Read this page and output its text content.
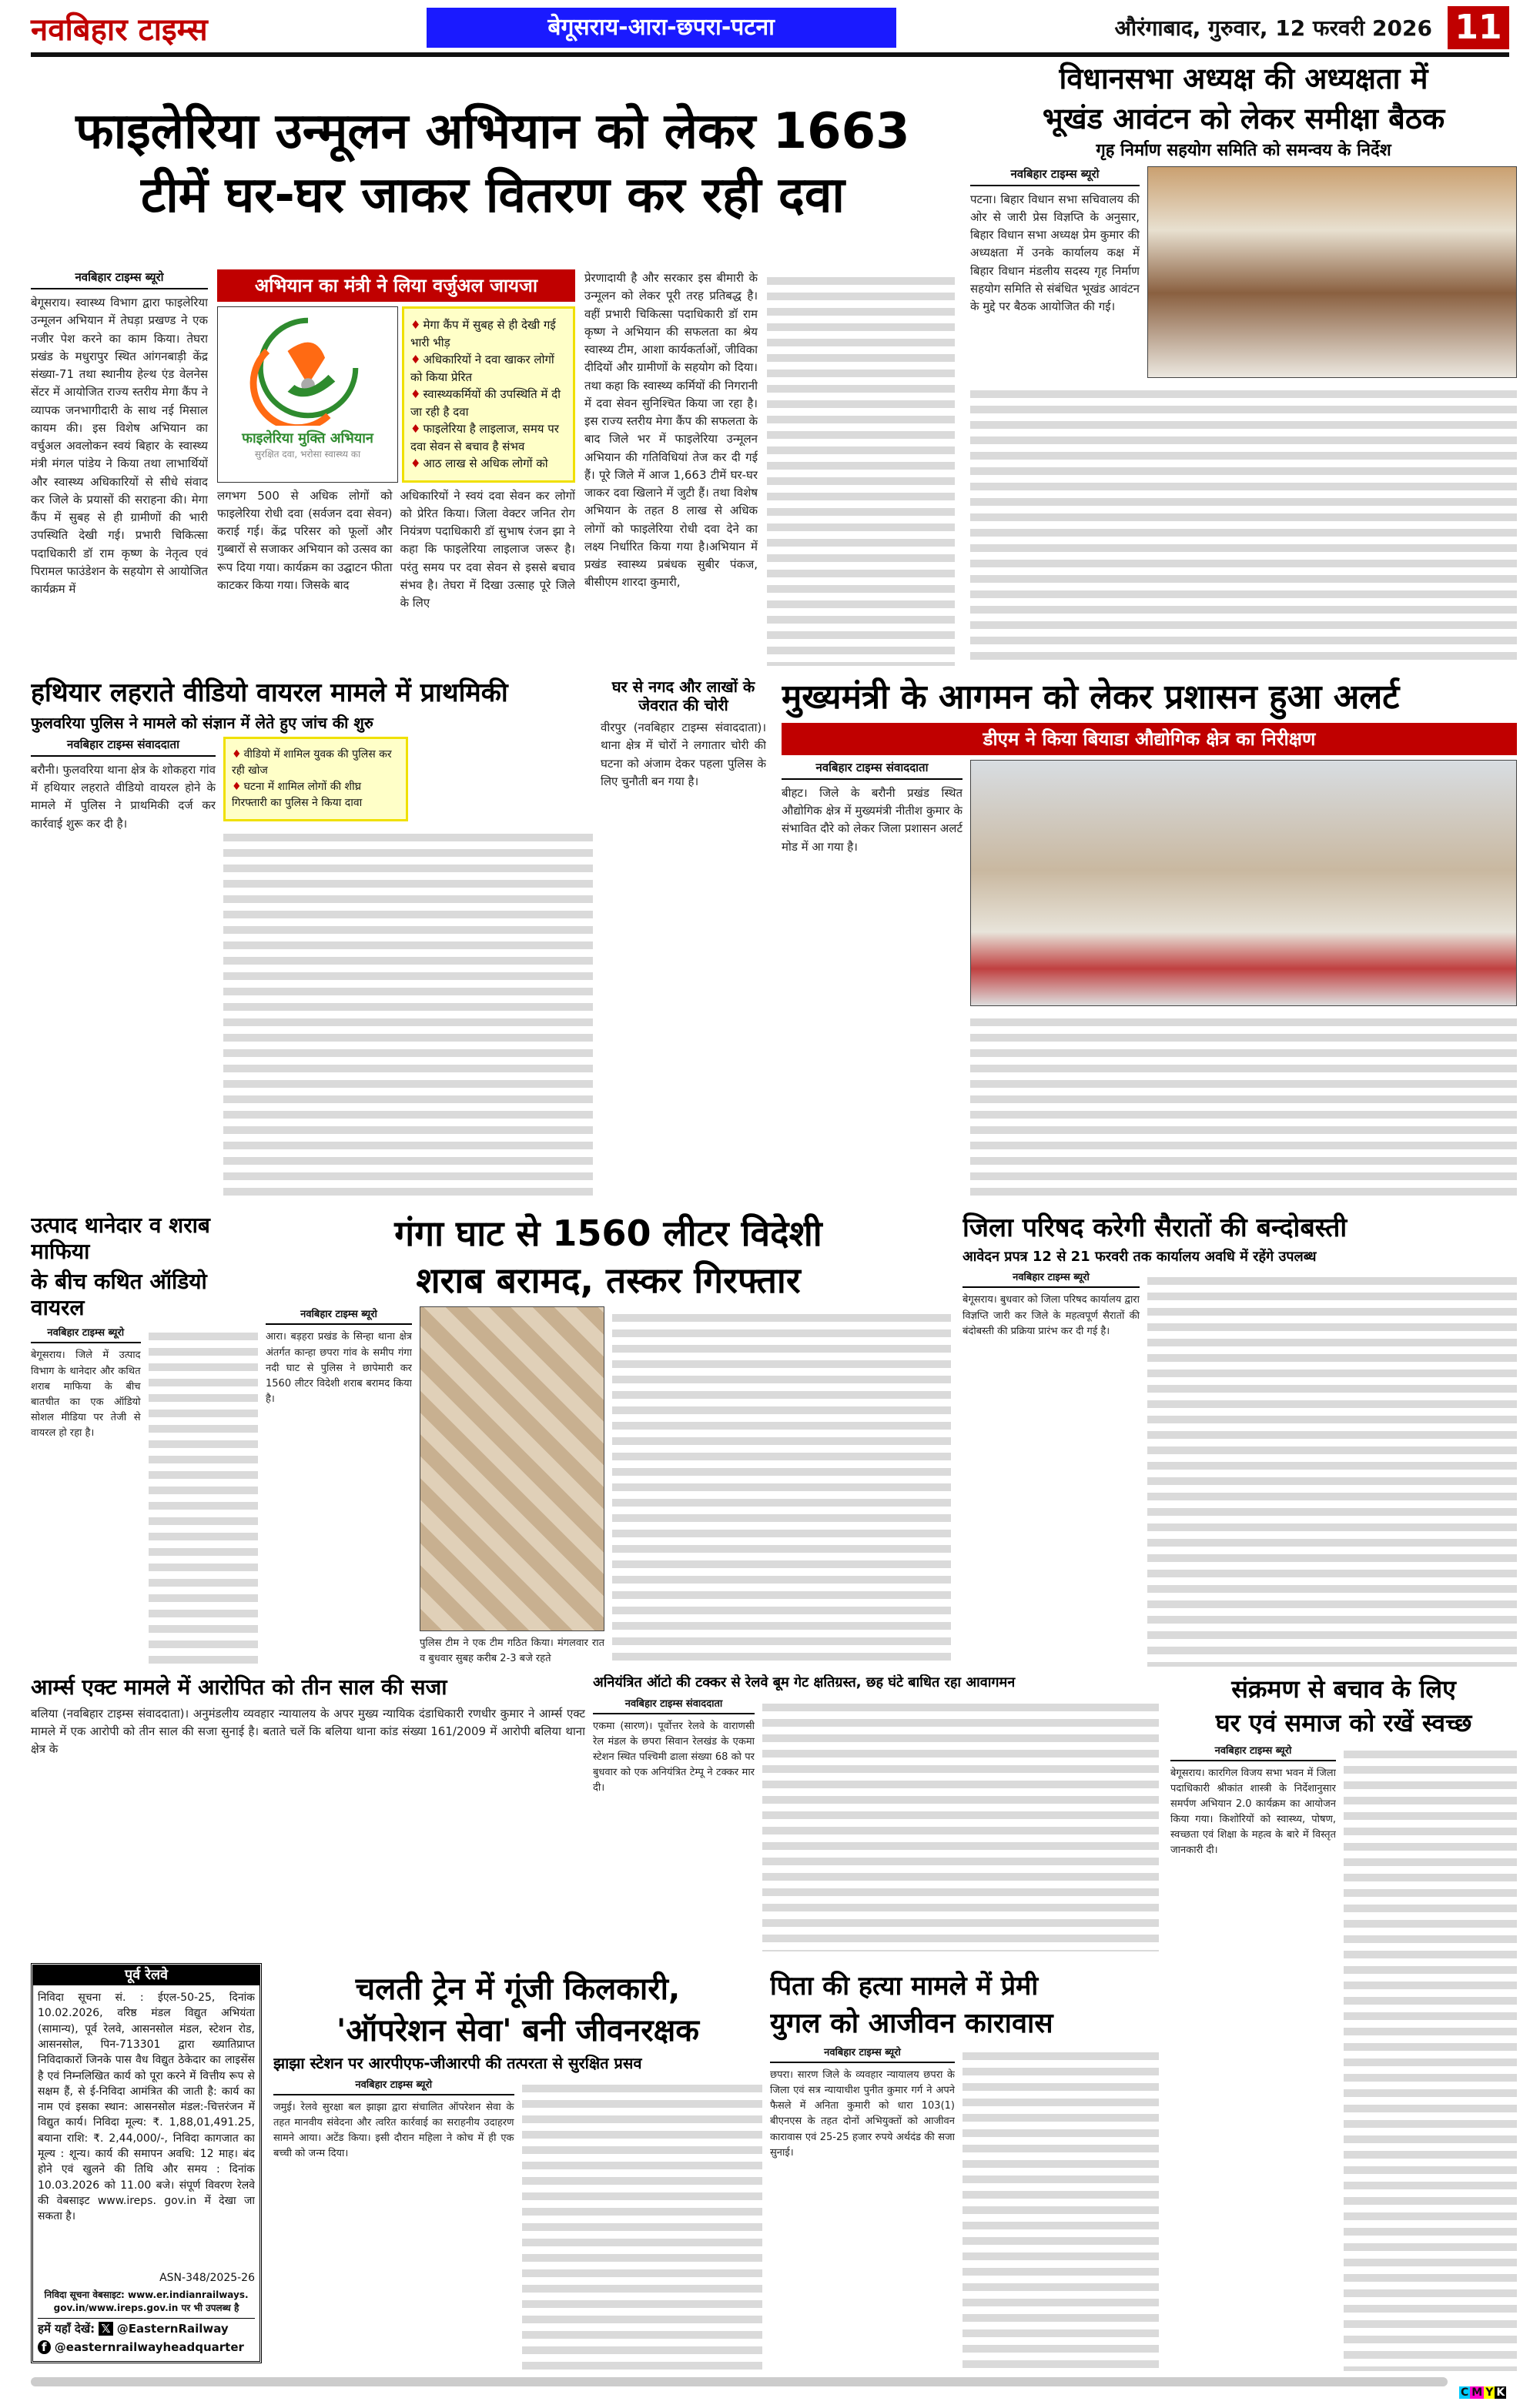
नवबिहार टाइम्स	बेगूसराय-आरा-छपरा-पटना	औरंगाबाद, गुरुवार, 12 फरवरी 2026 11
फाइलेरिया उन्मूलन अभियान को लेकर 1663
टीमें घर-घर जाकर वितरण कर रही दवा
नवबिहार टाइम्स ब्यूरो
बेगूसराय। स्वास्थ्य विभाग द्वारा फाइलेरिया उन्मूलन अभियान में तेघड़ा प्रखण्ड ने एक नजीर पेश करने का काम किया। तेघरा प्रखंड के मधुरापुर स्थित आंगनबाड़ी केंद्र संख्या-71 तथा स्थानीय हेल्थ एंड वेलनेस सेंटर में आयोजित राज्य स्तरीय मेगा कैंप ने व्यापक जनभागीदारी के साथ नई मिसाल कायम की। इस विशेष अभियान का वर्चुअल अवलोकन स्वयं बिहार के स्वास्थ्य मंत्री मंगल पांडेय ने किया तथा लाभार्थियों और स्वास्थ्य अधिकारियों से सीधे संवाद कर जिले के प्रयासों की सराहना की। मेगा कैंप में सुबह से ही ग्रामीणों की भारी उपस्थिति देखी गई। प्रभारी चिकित्सा पदाधिकारी डॉ राम कृष्ण के नेतृत्व एवं पिरामल फाउंडेशन के सहयोग से आयोजित कार्यक्रम में
अभियान का मंत्री ने लिया वर्जुअल जायजा
फाइलेरिया मुक्ति अभियान
सुरक्षित दवा, भरोसा स्वास्थ्य का
♦ मेगा कैंप में सुबह से ही देखी गई भारी भीड़
♦ अधिकारियों ने दवा खाकर लोगों को किया प्रेरित
♦ स्वास्थ्यकर्मियों की उपस्थिति में दी जा रही है दवा
♦ फाइलेरिया है लाइलाज, समय पर दवा सेवन से बचाव है संभव
♦ आठ लाख से अधिक लोगों को
लगभग 500 से अधिक लोगों को फाइलेरिया रोधी दवा (सर्वजन दवा सेवन) कराई गई। केंद्र परिसर को फूलों और गुब्बारों से सजाकर अभियान को उत्सव का रूप दिया गया। कार्यक्रम का उद्घाटन फीता काटकर किया गया। जिसके बाद
अधिकारियों ने स्वयं दवा सेवन कर लोगों को प्रेरित किया। जिला वेक्टर जनित रोग नियंत्रण पदाधिकारी डॉ सुभाष रंजन झा ने कहा कि फाइलेरिया लाइलाज जरूर है। परंतु समय पर दवा सेवन से इससे बचाव संभव है। तेघरा में दिखा उत्साह पूरे जिले के लिए
प्रेरणादायी है और सरकार इस बीमारी के उन्मूलन को लेकर पूरी तरह प्रतिबद्ध है। वहीं प्रभारी चिकित्सा पदाधिकारी डॉ राम कृष्ण ने अभियान की सफलता का श्रेय स्वास्थ्य टीम, आशा कार्यकर्ताओं, जीविका दीदियों और ग्रामीणों के सहयोग को दिया। तथा कहा कि स्वास्थ्य कर्मियों की निगरानी में दवा सेवन सुनिश्चित किया जा रहा है। इस राज्य स्तरीय मेगा कैंप की सफलता के बाद जिले भर में फाइलेरिया उन्मूलन अभियान की गतिविधियां तेज कर दी गई हैं। पूरे जिले में आज 1,663 टीमें घर-घर जाकर दवा खिलाने में जुटी हैं। तथा विशेष अभियान के तहत 8 लाख से अधिक लोगों को फाइलेरिया रोधी दवा देने का लक्ष्य निर्धारित किया गया है।अभियान में प्रखंड स्वास्थ्य प्रबंधक सुबीर पंकज, बीसीएम शारदा कुमारी,
विधानसभा अध्यक्ष की अध्यक्षता में
भूखंड आवंटन को लेकर समीक्षा बैठक
गृह निर्माण सहयोग समिति को समन्वय के निर्देश
नवबिहार टाइम्स ब्यूरो
पटना। बिहार विधान सभा सचिवालय की ओर से जारी प्रेस विज्ञप्ति के अनुसार, बिहार विधान सभा अध्यक्ष प्रेम कुमार की अध्यक्षता में उनके कार्यालय कक्ष में बिहार विधान मंडलीय सदस्य गृह निर्माण सहयोग समिति से संबंधित भूखंड आवंटन के मुद्दे पर बैठक आयोजित की गई।
हथियार लहराते वीडियो वायरल मामले में प्राथमिकी
फुलवरिया पुलिस ने मामले को संज्ञान में लेते हुए जांच की शुरु
नवबिहार टाइम्स संवाददाता
बरौनी। फुलवरिया थाना क्षेत्र के शोकहरा गांव में हथियार लहराते वीडियो वायरल होने के मामले में पुलिस ने प्राथमिकी दर्ज कर कार्रवाई शुरू कर दी है।
♦ वीडियो में शामिल युवक की पुलिस कर रही खोज
♦ घटना में शामिल लोगों की शीघ्र गिरफ्तारी का पुलिस ने किया दावा
घर से नगद और लाखों के जेवरात की चोरी
वीरपुर (नवबिहार टाइम्स संवाददाता)। थाना क्षेत्र में चोरों ने लगातार चोरी की घटना को अंजाम देकर पहला पुलिस के लिए चुनौती बन गया है।
मुख्यमंत्री के आगमन को लेकर प्रशासन हुआ अलर्ट
डीएम ने किया बियाडा औद्योगिक क्षेत्र का निरीक्षण
नवबिहार टाइम्स संवाददाता
बीहट। जिले के बरौनी प्रखंड स्थित औद्योगिक क्षेत्र में मुख्यमंत्री नीतीश कुमार के संभावित दौरे को लेकर जिला प्रशासन अलर्ट मोड में आ गया है।
उत्पाद थानेदार व शराब माफिया
के बीच कथित ऑडियो वायरल
नवबिहार टाइम्स ब्यूरो
बेगूसराय। जिले में उत्पाद विभाग के थानेदार और कथित शराब माफिया के बीच बातचीत का एक ऑडियो सोशल मीडिया पर तेजी से वायरल हो रहा है।
गंगा घाट से 1560 लीटर विदेशी
शराब बरामद, तस्कर गिरफ्तार
नवबिहार टाइम्स ब्यूरो
आरा। बड़हरा प्रखंड के सिन्हा थाना क्षेत्र अंतर्गत कान्हा छपरा गांव के समीप गंगा नदी घाट से पुलिस ने छापेमारी कर 1560 लीटर विदेशी शराब बरामद किया है।
पुलिस टीम ने एक टीम गठित किया। मंगलवार रात व बुधवार सुबह करीब 2-3 बजे रहते
जिला परिषद करेगी सैरातों की बन्दोबस्ती
आवेदन प्रपत्र 12 से 21 फरवरी तक कार्यालय अवधि में रहेंगे उपलब्ध
नवबिहार टाइम्स ब्यूरो
बेगूसराय। बुधवार को जिला परिषद कार्यालय द्वारा विज्ञप्ति जारी कर जिले के महत्वपूर्ण सैरातों की बंदोबस्ती की प्रक्रिया प्रारंभ कर दी गई है।
आर्म्स एक्ट मामले में आरोपित को तीन साल की सजा
बलिया (नवबिहार टाइम्स संवाददाता)। अनुमंडलीय व्यवहार न्यायालय के अपर मुख्य न्यायिक दंडाधिकारी रणधीर कुमार ने आर्म्स एक्ट मामले में एक आरोपी को तीन साल की सजा सुनाई है। बताते चलें कि बलिया थाना कांड संख्या 161/2009 में आरोपी बलिया थाना क्षेत्र के
अनियंत्रित ऑटो की टक्कर से रेलवे बूम गेट क्षतिग्रस्त, छह घंटे बाधित रहा आवागमन
नवबिहार टाइम्स संवाददाता
एकमा (सारण)। पूर्वोत्तर रेलवे के वाराणसी रेल मंडल के छपरा सिवान रेलखंड के एकमा स्टेशन स्थित पश्चिमी ढाला संख्या 68 को पर बुधवार को एक अनियंत्रित टेम्पू ने टक्कर मार दी।
संक्रमण से बचाव के लिए
घर एवं समाज को रखें स्वच्छ
नवबिहार टाइम्स ब्यूरो
बेगूसराय। कारगिल विजय सभा भवन में जिला पदाधिकारी श्रीकांत शास्त्री के निर्देशानुसार समर्पण अभियान 2.0 कार्यक्रम का आयोजन किया गया। किशोरियों को स्वास्थ्य, पोषण, स्वच्छता एवं शिक्षा के महत्व के बारे में विस्तृत जानकारी दी।
पूर्व रेलवे
निविदा सूचना सं. : ईएल-50-25, दिनांक 10.02.2026, वरिष्ठ मंडल विद्युत अभियंता (सामान्य), पूर्व रेलवे, आसनसोल मंडल, स्टेशन रोड, आसनसोल, पिन-713301 द्वारा ख्यातिप्राप्त निविदाकारों जिनके पास वैध विद्युत ठेकेदार का लाइसेंस है एवं निम्नलिखित कार्य को पूरा करने में वित्तीय रूप से सक्षम हैं, से ई-निविदा आमंत्रित की जाती है: कार्य का नाम एवं इसका स्थान: आसनसोल मंडल:-चित्तरंजन में विद्युत कार्य। निविदा मूल्य: ₹. 1,88,01,491.25, बयाना राशि: ₹. 2,44,000/-, निविदा कागजात का मूल्य : शून्य। कार्य की समापन अवधि: 12 माह। बंद होने एवं खुलने की तिथि और समय : दिनांक 10.03.2026 को 11.00 बजे। संपूर्ण विवरण रेलवे की वेबसाइट www.ireps. gov.in में देखा जा सकता है।
ASN-348/2025-26
निविदा सूचना वेबसाइट: www.er.indianrailways. gov.in/www.ireps.gov.in पर भी उपलब्ध है
हमें यहाँ देखें: 𝕏 @EasternRailway
f @easternrailwayheadquarter
चलती ट्रेन में गूंजी किलकारी,
'ऑपरेशन सेवा' बनी जीवनरक्षक
झाझा स्टेशन पर आरपीएफ-जीआरपी की तत्परता से सुरक्षित प्रसव
नवबिहार टाइम्स ब्यूरो
जमुई। रेलवे सुरक्षा बल झाझा द्वारा संचालित ऑपरेशन सेवा के तहत मानवीय संवेदना और त्वरित कार्रवाई का सराहनीय उदाहरण सामने आया। अटेंड किया। इसी दौरान महिला ने कोच में ही एक बच्ची को जन्म दिया।
पिता की हत्या मामले में प्रेमी
युगल को आजीवन कारावास
नवबिहार टाइम्स ब्यूरो
छपरा। सारण जिले के व्यवहार न्यायालय छपरा के जिला एवं सत्र न्यायाधीश पुनीत कुमार गर्ग ने अपने फैसले में अनिता कुमारी को धारा 103(1) बीएनएस के तहत दोनों अभियुक्तों को आजीवन कारावास एवं 25-25 हजार रुपये अर्थदंड की सजा सुनाई।
C M Y K
